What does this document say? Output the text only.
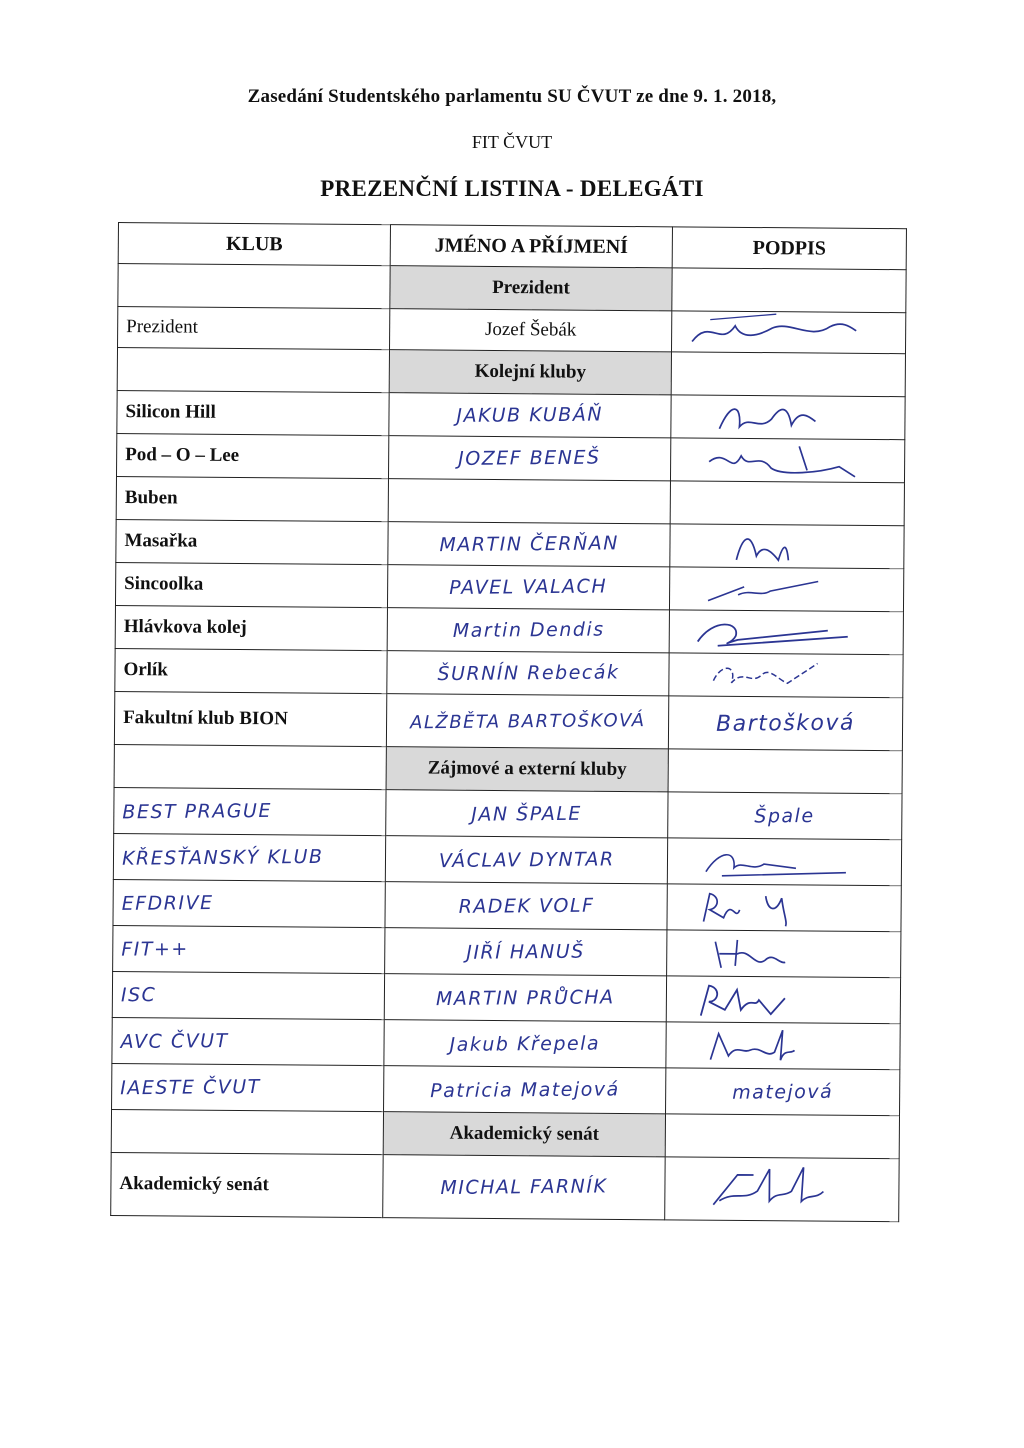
Zasedání Studentského parlamentu SU ČVUT ze dne 9. 1. 2018,
FIT ČVUT
PREZENČNÍ LISTINA - DELEGÁTI
KLUB	JMÉNO A PŘÍJMENÍ	PODPIS
	Prezident	
Prezident	Jozef Šebák	

	Kolejní kluby	
Silicon Hill	JAKUB KUBÁŇ	

Pod – O – Lee	JOZEF BENEŠ	

Buben		
Masařka	MARTIN ČERŇAN	

Sincoolka	PAVEL VALACH	

Hlávkova kolej	Martin Dendis	

Orlík	ŠURNÍN Rebecák	

Fakultní klub BION	ALŽBĚTA BARTOŠKOVÁ	Bartošková
	Zájmové a externí kluby	
BEST PRAGUE	JAN ŠPALE	Špale
KŘESŤANSKÝ KLUB	VÁCLAV DYNTAR	

EFDRIVE	RADEK VOLF	

FIT++	JIŘÍ HANUŠ	

ISC	MARTIN PRŮCHA	

AVC ČVUT	Jakub Křepela	

IAESTE ČVUT	Patricia Matejová	matejová
	Akademický senát	
Akademický senát	MICHAL FARNÍK	
